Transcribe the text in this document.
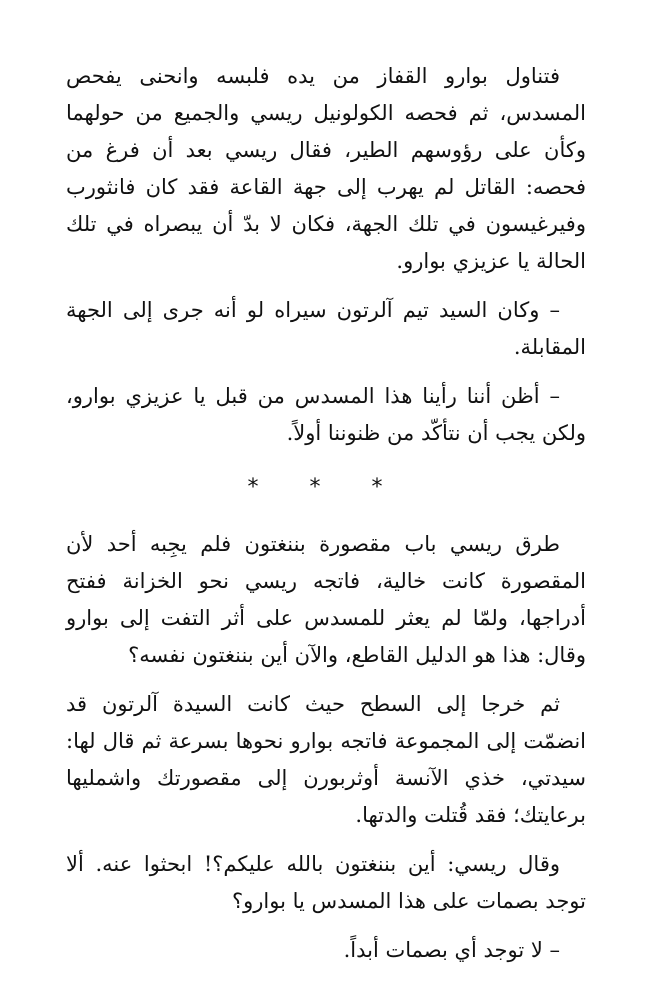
فتناول بوارو القفاز من يده فلبسه وانحنى يفحص المسدس، ثم فحصه الكولونيل ريسي والجميع من حولهما وكأن على رؤوسهم الطير، فقال ريسي بعد أن فرغ من فحصه: القاتل لم يهرب إلى جهة القاعة فقد كان فانثورب وفيرغيسون في تلك الجهة، فكان لا بدّ أن يبصراه في تلك الحالة يا عزيزي بوارو.

– وكان السيد تيم آلرتون سيراه لو أنه جرى إلى الجهة المقابلة.

– أظن أننا رأينا هذا المسدس من قبل يا عزيزي بوارو، ولكن يجب أن نتأكّد من ظنوننا أولاً.

* * *

طرق ريسي باب مقصورة بننغتون فلم يجِبه أحد لأن المقصورة كانت خالية، فاتجه ريسي نحو الخزانة ففتح أدراجها، ولمّا لم يعثر للمسدس على أثر التفت إلى بوارو وقال: هذا هو الدليل القاطع، والآن أين بننغتون نفسه؟

ثم خرجا إلى السطح حيث كانت السيدة آلرتون قد انضمّت إلى المجموعة فاتجه بوارو نحوها بسرعة ثم قال لها: سيدتي، خذي الآنسة أوثربورن إلى مقصورتك واشمليها برعايتك؛ فقد قُتلت والدتها.

وقال ريسي: أين بننغتون بالله عليكم؟! ابحثوا عنه. ألا توجد بصمات على هذا المسدس يا بوارو؟

– لا توجد أي بصمات أبداً.
